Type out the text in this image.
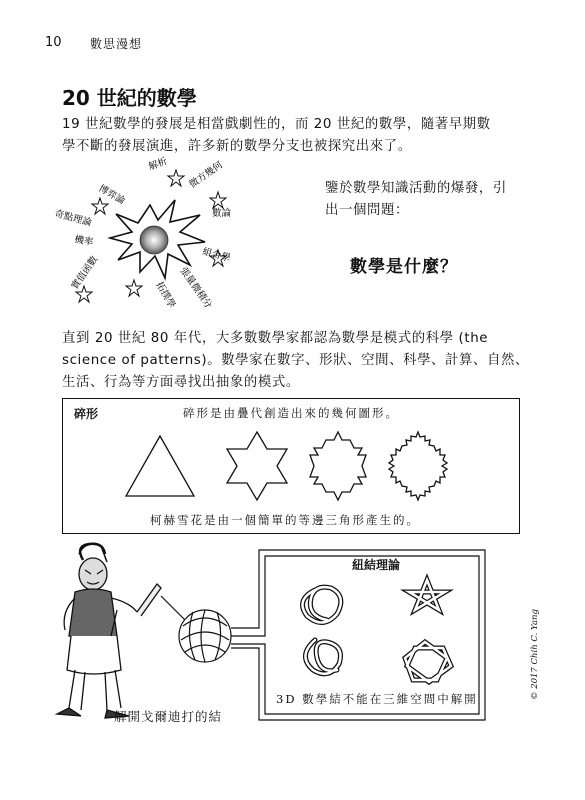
10 數思漫想
20 世紀的數學
19 世紀數學的發展是相當戲劇性的，而 20 世紀的數學，隨著早期數
學不斷的發展演進，許多新的數學分支也被探究出來了。
解析
博弈論
微方幾何
奇點理論	數論
機率
組合學
實值函數	張量微積分
拓撲學
鑒於數學知識活動的爆發，引
出一個問題：
數學是什麼？
直到 20 世紀 80 年代，大多數數學家都認為數學是模式的科學 (the
science of patterns)。數學家在數字、形狀、空間、科學、計算、自然、
生活、行為等方面尋找出抽象的模式。
碎形	碎形是由疊代創造出來的幾何圖形。
柯赫雪花是由一個簡單的等邊三角形產生的。
紐結理論
3D 數學結不能在三維空間中解開
解開戈爾迪打的結
© 2017 Chih C. Yang
